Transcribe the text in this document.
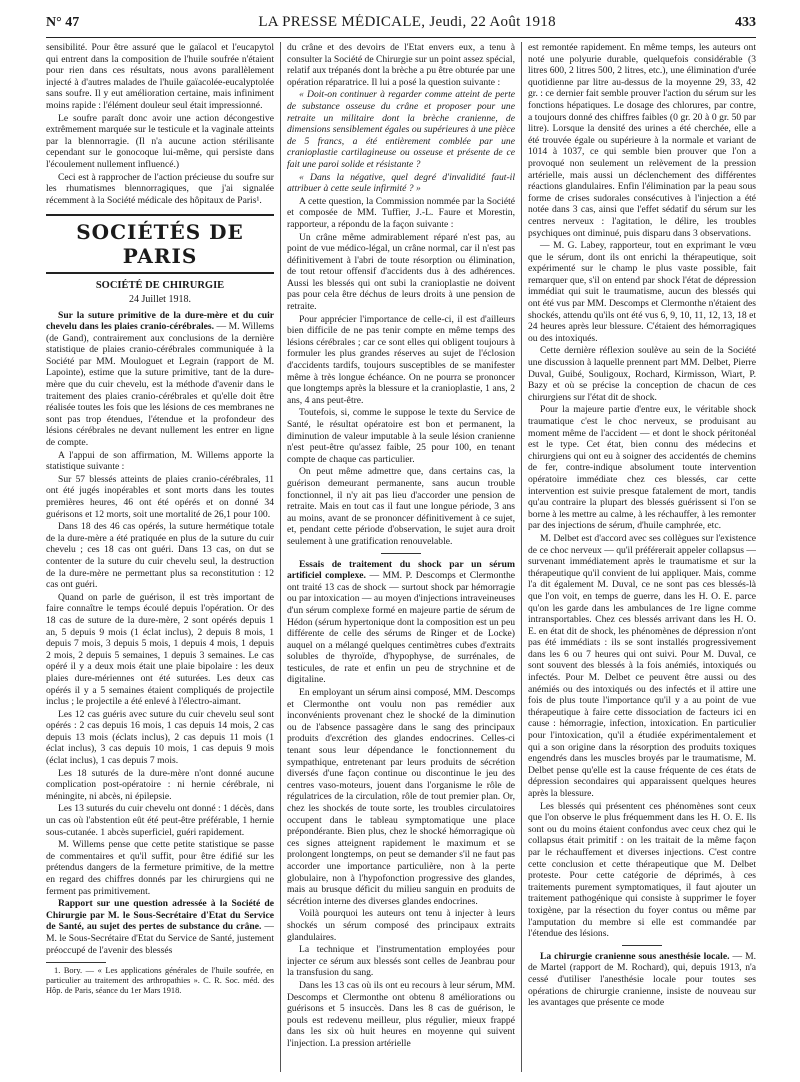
N° 47	LA PRESSE MÉDICALE, Jeudi, 22 Août 1918	433

sensibilité. Pour être assuré que le gaïacol et l'eucapytol qui entrent dans la composition de l'huile soufrée n'étaient pour rien dans ces résultats, nous avons parallèlement injecté à d'autres malades de l'huile gaïacolée-eucalyptolée sans soufre. Il y eut amélioration certaine, mais infiniment moins rapide : l'élément douleur seul était impressionné.

Le soufre paraît donc avoir une action décongestive extrêmement marquée sur le testicule et la vaginale atteints par la blennorragie. (Il n'a aucune action stérilisante cependant sur le gonocoque lui-même, qui persiste dans l'écoulement nullement influencé.)

Ceci est à rapprocher de l'action précieuse du soufre sur les rhumatismes blennorragiques, que j'ai signalée récemment à la Société médicale des hôpitaux de Paris¹.

SOCIÉTÉS DE PARIS
SOCIÉTÉ DE CHIRURGIE
24 Juillet 1918.

Sur la suture primitive de la dure-mère et du cuir chevelu dans les plaies cranio-cérébrales. — M. Willems (de Gand), contrairement aux conclusions de la dernière statistique de plaies cranio-cérébrales communiquée à la Société par MM. Mouloguet et Legrain (rapport de M. Lapointe), estime que la suture primitive, tant de la dure-mère que du cuir chevelu, est la méthode d'avenir dans le traitement des plaies cranio-cérébrales et qu'elle doit être réalisée toutes les fois que les lésions de ces membranes ne sont pas trop étendues, l'étendue et la profondeur des lésions cérébrales ne devant nullement les entrer en ligne de compte.

A l'appui de son affirmation, M. Willems apporte la statistique suivante :

Sur 57 blessés atteints de plaies cranio-cérébrales, 11 ont été jugés inopérables et sont morts dans les toutes premières heures, 46 ont été opérés et on donné 34 guérisons et 12 morts, soit une mortalité de 26,1 pour 100.

Dans 18 des 46 cas opérés, la suture hermétique totale de la dure-mère a été pratiquée en plus de la suture du cuir chevelu ; ces 18 cas ont guéri. Dans 13 cas, on dut se contenter de la suture du cuir chevelu seul, la destruction de la dure-mère ne permettant plus sa reconstitution : 12 cas ont guéri.

Quand on parle de guérison, il est très important de faire connaître le temps écoulé depuis l'opération. Or des 18 cas de suture de la dure-mère, 2 sont opérés depuis 1 an, 5 depuis 9 mois (1 éclat inclus), 2 depuis 8 mois, 1 depuis 7 mois, 3 depuis 5 mois, 1 depuis 4 mois, 1 depuis 2 mois, 2 depuis 5 semaines, 1 depuis 3 semaines. Le cas opéré il y a deux mois était une plaie bipolaire : les deux plaies dure-mériennes ont été suturées. Les deux cas opérés il y a 5 semaines étaient compliqués de projectile inclus ; le projectile a été enlevé à l'électro-aimant.

Les 12 cas guéris avec suture du cuir chevelu seul sont opérés : 2 cas depuis 16 mois, 1 cas depuis 14 mois, 2 cas depuis 13 mois (éclats inclus), 2 cas depuis 11 mois (1 éclat inclus), 3 cas depuis 10 mois, 1 cas depuis 9 mois (éclat inclus), 1 cas depuis 7 mois.

Les 18 suturés de la dure-mère n'ont donné aucune complication post-opératoire : ni hernie cérébrale, ni méningite, ni abcès, ni épilepsie.

Les 13 suturés du cuir chevelu ont donné : 1 décès, dans un cas où l'abstention eût été peut-être préférable, 1 hernie sous-cutanée. 1 abcès superficiel, guéri rapidement.

M. Willems pense que cette petite statistique se passe de commentaires et qu'il suffit, pour être édifié sur les prétendus dangers de la fermeture primitive, de la mettre en regard des chiffres donnés par les chirurgiens qui ne ferment pas primitivement.

Rapport sur une question adressée à la Société de Chirurgie par M. le Sous-Secrétaire d'Etat du Service de Santé, au sujet des pertes de substance du crâne. — M. le Sous-Secrétaire d'Etat du Service de Santé, justement préoccupé de l'avenir des blessés

1. Bory. — « Les applications générales de l'huile soufrée, en particulier au traitement des arthropathies ». C. R. Soc. méd. des Hôp. de Paris, séance du 1er Mars 1918.

du crâne et des devoirs de l'Etat envers eux, a tenu à consulter la Société de Chirurgie sur un point assez spécial, relatif aux trépanés dont la brèche a pu être obturée par une opération réparatrice. Il lui a posé la question suivante :

« Doit-on continuer à regarder comme atteint de perte de substance osseuse du crâne et proposer pour une retraite un militaire dont la brèche cranienne, de dimensions sensiblement égales ou supérieures à une pièce de 5 francs, a été entièrement comblée par une cranioplastie cartilagineuse ou osseuse et présente de ce fait une paroi solide et résistante ?

« Dans la négative, quel degré d'invalidité faut-il attribuer à cette seule infirmité ? »

A cette question, la Commission nommée par la Société et composée de MM. Tuffier, J.-L. Faure et Morestin, rapporteur, a répondu de la façon suivante :

Un crâne même admirablement réparé n'est pas, au point de vue médico-légal, un crâne normal, car il n'est pas définitivement à l'abri de toute résorption ou élimination, de tout retour offensif d'accidents dus à des adhérences. Aussi les blessés qui ont subi la cranioplastie ne doivent pas pour cela être déchus de leurs droits à une pension de retraite.

Pour apprécier l'importance de celle-ci, il est d'ailleurs bien difficile de ne pas tenir compte en même temps des lésions cérébrales ; car ce sont elles qui obligent toujours à formuler les plus grandes réserves au sujet de l'éclosion d'accidents tardifs, toujours susceptibles de se manifester même à très longue échéance. On ne pourra se prononcer que longtemps après la blessure et la cranioplastie, 1 ans, 2 ans, 4 ans peut-être.

Toutefois, si, comme le suppose le texte du Service de Santé, le résultat opératoire est bon et permanent, la diminution de valeur imputable à la seule lésion cranienne n'est peut-être qu'assez faible, 25 pour 100, en tenant compte de chaque cas particulier.

On peut même admettre que, dans certains cas, la guérison demeurant permanente, sans aucun trouble fonctionnel, il n'y ait pas lieu d'accorder une pension de retraite. Mais en tout cas il faut une longue période, 3 ans au moins, avant de se prononcer définitivement à ce sujet, et, pendant cette période d'observation, le sujet aura droit seulement à une gratification renouvelable.

Essais de traitement du shock par un sérum artificiel complexe. — MM. P. Descomps et Clermonthe ont traité 13 cas de shock — surtout shock par hémorragie ou par intoxication — au moyen d'injections intraveineuses d'un sérum complexe formé en majeure partie de sérum de Hédon (sérum hypertonique dont la composition est un peu différente de celle des sérums de Ringer et de Locke) auquel on a mélangé quelques centimètres cubes d'extraits solubles de thyroïde, d'hypophyse, de surrénales, de testicules, de rate et enfin un peu de strychnine et de digitaline.

En employant un sérum ainsi composé, MM. Descomps et Clermonthe ont voulu non pas remédier aux inconvénients provenant chez le shocké de la diminution ou de l'absence passagère dans le sang des principaux produits d'excrétion des glandes endocrines. Celles-ci tenant sous leur dépendance le fonctionnement du sympathique, entretenant par leurs produits de sécrétion diversés d'une façon continue ou discontinue le jeu des centres vaso-moteurs, jouent dans l'organisme le rôle de régulatrices de la circulation, rôle de tout premier plan. Or, chez les shockés de toute sorte, les troubles circulatoires occupent dans le tableau symptomatique une place prépondérante. Bien plus, chez le shocké hémorragique où ces signes atteignent rapidement le maximum et se prolongent longtemps, on peut se demander s'il ne faut pas accorder une importance particulière, non à la perte globulaire, non à l'hypofonction progressive des glandes, mais au brusque déficit du milieu sanguin en produits de sécrétion interne des diverses glandes endocrines.

Voilà pourquoi les auteurs ont tenu à injecter à leurs shockés un sérum composé des principaux extraits glandulaires.

La technique et l'instrumentation employées pour injecter ce sérum aux blessés sont celles de Jeanbrau pour la transfusion du sang.

Dans les 13 cas où ils ont eu recours à leur sérum, MM. Descomps et Clermonthe ont obtenu 8 améliorations ou guérisons et 5 insuccès. Dans les 8 cas de guérison, le pouls est redevenu meilleur, plus régulier, mieux frappé dans les six où huit heures en moyenne qui suivent l'injection. La pression artérielle

est remontée rapidement. En même temps, les auteurs ont noté une polyurie durable, quelquefois considérable (3 litres 600, 2 litres 500, 2 litres, etc.), une élimination d'urée quotidienne par litre au-dessus de la moyenne 29, 33, 42 gr. : ce dernier fait semble prouver l'action du sérum sur les fonctions hépatiques. Le dosage des chlorures, par contre, a toujours donné des chiffres faibles (0 gr. 20 à 0 gr. 50 par litre). Lorsque la densité des urines a été cherchée, elle a été trouvée égale ou supérieure à la normale et variant de 1014 à 1037, ce qui semble bien prouver que l'on a provoqué non seulement un relèvement de la pression artérielle, mais aussi un déclenchement des différentes réactions glandulaires. Enfin l'élimination par la peau sous forme de crises sudorales consécutives à l'injection a été notée dans 3 cas, ainsi que l'effet sédatif du sérum sur les centres nerveux : l'agitation, le délire, les troubles psychiques ont diminué, puis disparu dans 3 observations.

— M. G. Labey, rapporteur, tout en exprimant le vœu que le sérum, dont ils ont enrichi la thérapeutique, soit expérimenté sur le champ le plus vaste possible, fait remarquer que, s'il on entend par shock l'état de dépression immédiat qui suit le traumatisme, aucun des blessés qui ont été vus par MM. Descomps et Clermonthe n'étaient des shockés, attendu qu'ils ont été vus 6, 9, 10, 11, 12, 13, 18 et 24 heures après leur blessure. C'étaient des hémorragiques ou des intoxiqués.

Cette dernière réflexion soulève au sein de la Société une discussion à laquelle prennent part MM. Delbet, Pierre Duval, Guibé, Souligoux, Rochard, Kirmisson, Wiart, P. Bazy et où se précise la conception de chacun de ces chirurgiens sur l'état dit de shock.

Pour la majeure partie d'entre eux, le véritable shock traumatique c'est le choc nerveux, se produisant au moment même de l'accident — et dont le shock péritonéal est le type. Cet état, bien connu des médecins et chirurgiens qui ont eu à soigner des accidentés de chemins de fer, contre-indique absolument toute intervention opératoire immédiate chez ces blessés, car cette intervention est suivie presque fatalement de mort, tandis qu'au contraire la plupart des blessés guérissent si l'on se borne à les mettre au calme, à les réchauffer, à les remonter par des injections de sérum, d'huile camphrée, etc.

M. Delbet est d'accord avec ses collègues sur l'existence de ce choc nerveux — qu'il préférerait appeler collapsus — survenant immédiatement après le traumatisme et sur la thérapeutique qu'il convient de lui appliquer. Mais, comme l'a dit également M. Duval, ce ne sont pas ces blessés-là que l'on voit, en temps de guerre, dans les H. O. E. parce qu'on les garde dans les ambulances de 1re ligne comme intransportables. Chez ces blessés arrivant dans les H. O. E. en état dit de shock, les phénomènes de dépression n'ont pas été immédiats : ils se sont installés progressivement dans les 6 ou 7 heures qui ont suivi. Pour M. Duval, ce sont souvent des blessés à la fois anémiés, intoxiqués ou infectés. Pour M. Delbet ce peuvent être aussi ou des anémiés ou des intoxiqués ou des infectés et il attire une fois de plus toute l'importance qu'il y a au point de vue thérapeutique à faire cette dissociation de facteurs ici en cause : hémorragie, infection, intoxication. En particulier pour l'intoxication, qu'il a étudiée expérimentalement et qui a son origine dans la résorption des produits toxiques engendrés dans les muscles broyés par le traumatisme, M. Delbet pense qu'elle est la cause fréquente de ces états de dépression secondaires qui apparaissent quelques heures après la blessure.

Les blessés qui présentent ces phénomènes sont ceux que l'on observe le plus fréquemment dans les H. O. E. Ils sont ou du moins étaient confondus avec ceux chez qui le collapsus était primitif : on les traitait de la même façon par le réchauffement et diverses injections. C'est contre cette conclusion et cette thérapeutique que M. Delbet proteste. Pour cette catégorie de déprimés, à ces traitements purement symptomatiques, il faut ajouter un traitement pathogénique qui consiste à supprimer le foyer toxigène, par la résection du foyer contus ou même par l'amputation du membre si elle est commandée par l'étendue des lésions.

La chirurgie cranienne sous anesthésie locale. — M. de Martel (rapport de M. Rochard), qui, depuis 1913, n'a cessé d'utiliser l'anesthésie locale pour toutes ses opérations de chirurgie cranienne, insiste de nouveau sur les avantages que présente ce mode
